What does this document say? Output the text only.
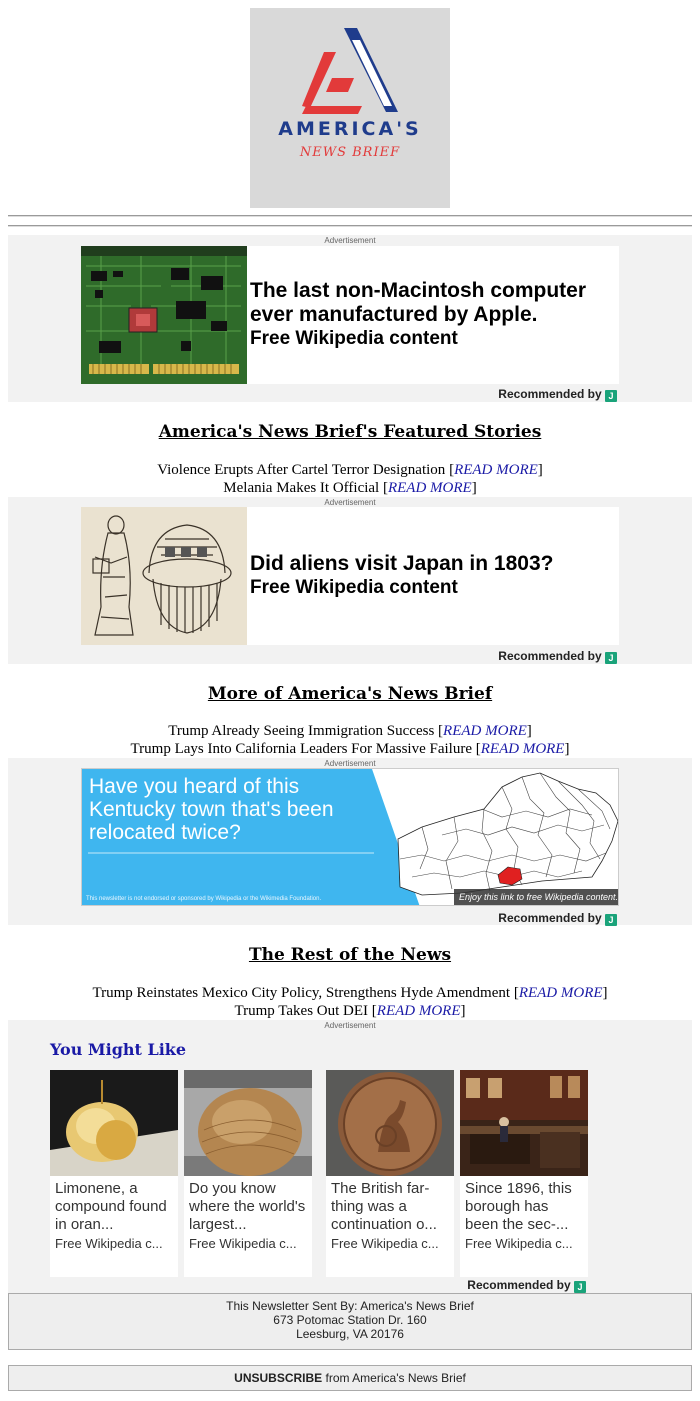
AMERICA'S
NEWS BRIEF
Advertisement
The last non-Macintosh computer ever manufactured by Apple.
Free Wikipedia content
Recommended by J
America's News Brief's Featured Stories
Violence Erupts After Cartel Terror Designation [READ MORE]
Melania Makes It Official [READ MORE]
Advertisement
Did aliens visit Japan in 1803?
Free Wikipedia content
Recommended by J
More of America's News Brief
Trump Already Seeing Immigration Success [READ MORE]
Trump Lays Into California Leaders For Massive Failure [READ MORE]
Advertisement
Have you heard of this Kentucky town that's been relocated twice?
This newsletter is not endorsed or sponsored by Wikipedia or the Wikimedia Foundation.	Enjoy this link to free Wikipedia content.
Recommended by J
The Rest of the News
Trump Reinstates Mexico City Policy, Strengthens Hyde Amendment [READ MORE]
Trump Takes Out DEI [READ MORE]
Advertisement
You Might Like
Limonene, a compound found in oran...
Free Wikipedia c...
Do you know where the world's largest...
Free Wikipedia c...
The British far-thing was a continuation o...
Free Wikipedia c...
Since 1896, this borough has been the sec-...
Free Wikipedia c...
Recommended by J
This Newsletter Sent By: America's News Brief
673 Potomac Station Dr. 160
Leesburg, VA 20176
UNSUBSCRIBE from America's News Brief
